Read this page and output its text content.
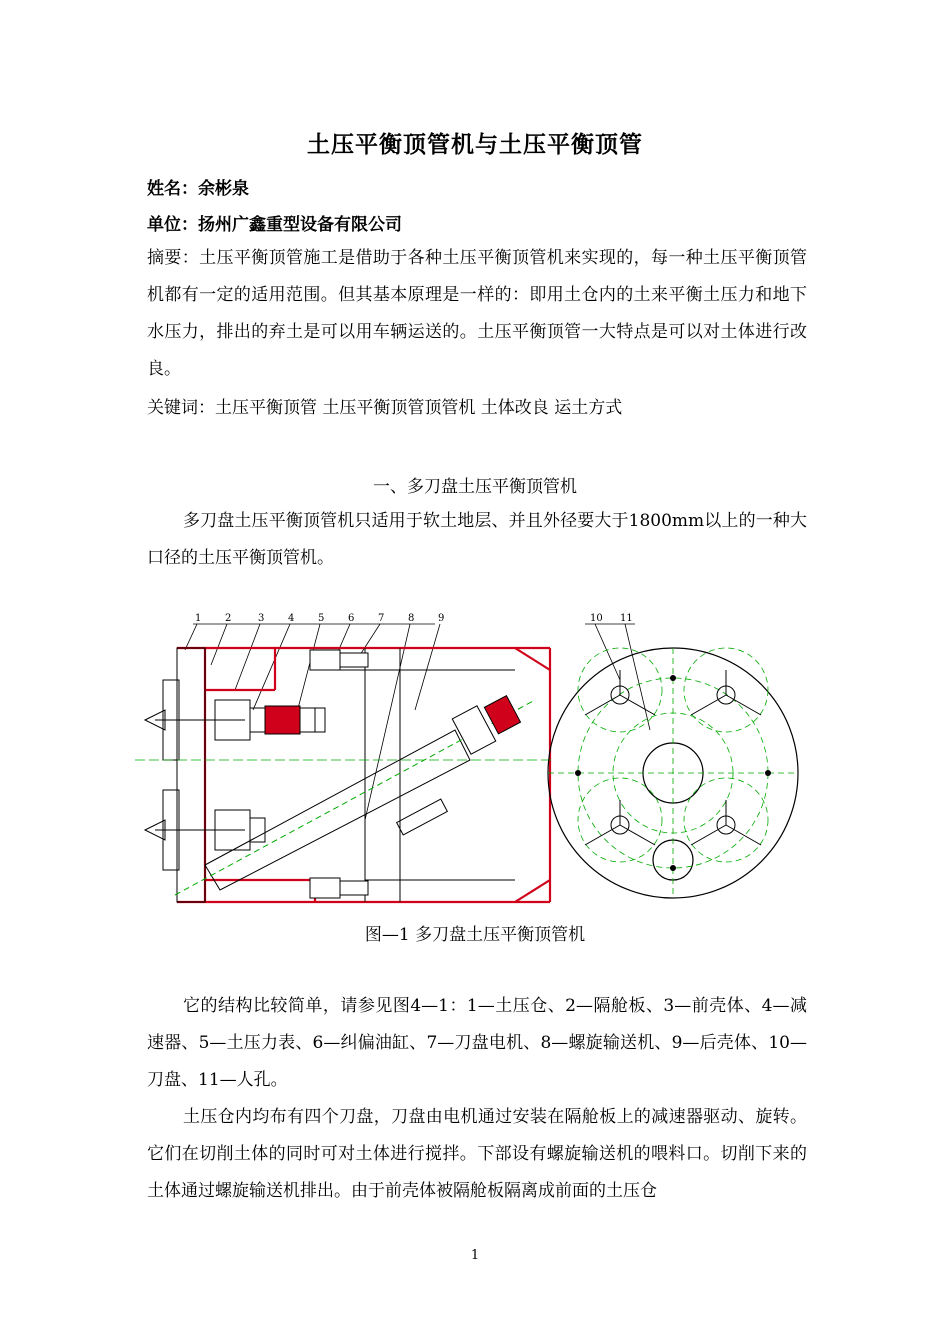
土压平衡顶管机与土压平衡顶管
姓名：余彬泉
单位：扬州广鑫重型设备有限公司
摘要：土压平衡顶管施工是借助于各种土压平衡顶管机来实现的，每一种土压平衡顶管机都有一定的适用范围。但其基本原理是一样的：即用土仓内的土来平衡土压力和地下水压力，排出的弃土是可以用车辆运送的。土压平衡顶管一大特点是可以对土体进行改良。
关键词：土压平衡顶管 土压平衡顶管顶管机 土体改良 运土方式
一、多刀盘土压平衡顶管机
多刀盘土压平衡顶管机只适用于软土地层、并且外径要大于1800mm以上的一种大口径的土压平衡顶管机。
1 2	3 4 5 6 7 8 9	10 11
图—1 多刀盘土压平衡顶管机
它的结构比较简单，请参见图4—1：1—土压仓、2—隔舱板、3—前壳体、4—减速器、5—土压力表、6—纠偏油缸、7—刀盘电机、8—螺旋输送机、9—后壳体、10—刀盘、11—人孔。
土压仓内均布有四个刀盘，刀盘由电机通过安装在隔舱板上的减速器驱动、旋转。它们在切削土体的同时可对土体进行搅拌。下部设有螺旋输送机的喂料口。切削下来的土体通过螺旋输送机排出。由于前壳体被隔舱板隔离成前面的土压仓
1
